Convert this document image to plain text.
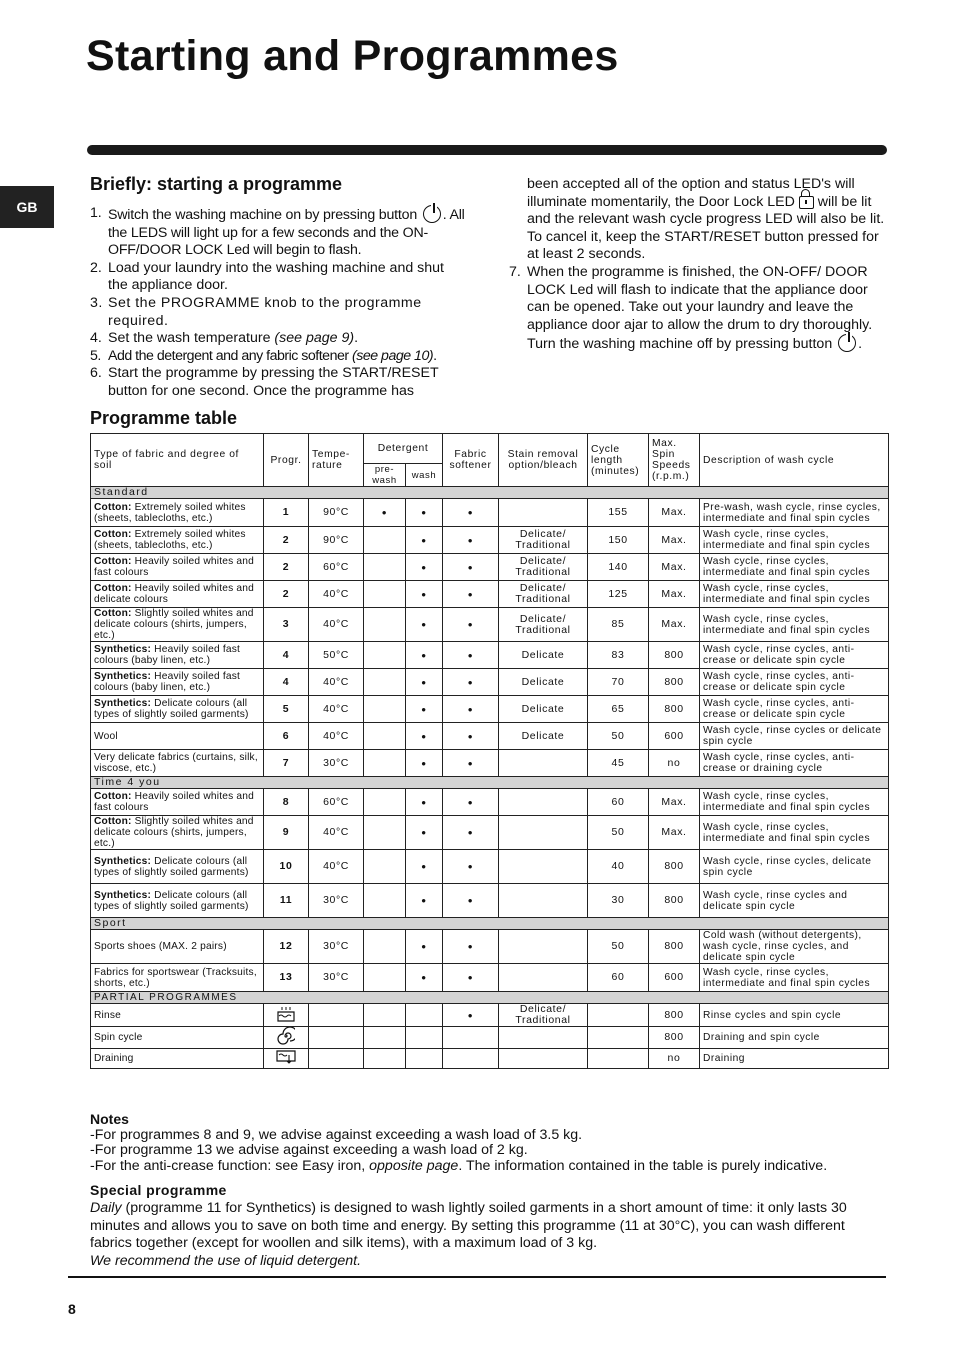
Starting and Programmes
GB
Briefly: starting a programme
1. Switch the washing machine on by pressing button . All the LEDS will light up for a few seconds and the ON-OFF/DOOR LOCK Led will begin to flash.
2. Load your laundry into the washing machine and shut the appliance door.
3. Set the PROGRAMME knob to the programme required.
4. Set the wash temperature (see page 9).
5. Add the detergent and any fabric softener (see page 10).
6. Start the programme by pressing the START/RESET button for one second. Once the programme has
been accepted all of the option and status LED's will illuminate momentarily, the Door Lock LED will be lit and the relevant wash cycle progress LED will also be lit.
To cancel it, keep the START/RESET button pressed for at least 2 seconds.
7. When the programme is finished, the ON-OFF/ DOOR LOCK Led will flash to indicate that the appliance door can be opened. Take out your laundry and leave the appliance door ajar to allow the drum to dry thoroughly. Turn the washing machine off by pressing button .
Programme table
Type of fabric and degree of soil	Progr.	Tempe-rature	Detergent		Fabric softener	Stain removal option/bleach	Cycle length (minutes)	Max. Spin Speeds (r.p.m.)	Description of wash cycle
			pre-wash	wash					
Standard									
Cotton: Extremely soiled whites (sheets, tablecloths, etc.)	1	90°C	•	•	•		155	Max.	Pre-wash, wash cycle, rinse cycles, intermediate and final spin cycles
Cotton: Extremely soiled whites (sheets, tablecloths, etc.)	2	90°C		•	•	Delicate/ Traditional	150	Max.	Wash cycle, rinse cycles, intermediate and final spin cycles
Cotton: Heavily soiled whites and fast colours	2	60°C		•	•	Delicate/ Traditional	140	Max.	Wash cycle, rinse cycles, intermediate and final spin cycles
Cotton: Heavily soiled whites and delicate colours	2	40°C		•	•	Delicate/ Traditional	125	Max.	Wash cycle, rinse cycles, intermediate and final spin cycles
Cotton: Slightly soiled whites and delicate colours (shirts, jumpers, etc.)	3	40°C		•	•	Delicate/ Traditional	85	Max.	Wash cycle, rinse cycles, intermediate and final spin cycles
Synthetics: Heavily soiled fast colours (baby linen, etc.)	4	50°C		•	•	Delicate	83	800	Wash cycle, rinse cycles, anti-crease or delicate spin cycle
Synthetics: Heavily soiled fast colours (baby linen, etc.)	4	40°C		•	•	Delicate	70	800	Wash cycle, rinse cycles, anti-crease or delicate spin cycle
Synthetics: Delicate colours (all types of slightly soiled garments)	5	40°C		•	•	Delicate	65	800	Wash cycle, rinse cycles, anti-crease or delicate spin cycle
Wool	6	40°C		•	•	Delicate	50	600	Wash cycle, rinse cycles or delicate spin cycle
Very delicate fabrics (curtains, silk, viscose, etc.)	7	30°C		•	•		45	no	Wash cycle, rinse cycles, anti-crease or draining cycle
Time 4 you									
Cotton: Heavily soiled whites and fast colours	8	60°C		•	•		60	Max.	Wash cycle, rinse cycles, intermediate and final spin cycles
Cotton: Slightly soiled whites and delicate colours (shirts, jumpers, etc.)	9	40°C		•	•		50	Max.	Wash cycle, rinse cycles, intermediate and final spin cycles
Synthetics: Delicate colours (all types of slightly soiled garments)	10	40°C		•	•		40	800	Wash cycle, rinse cycles, delicate spin cycle
Synthetics: Delicate colours (all types of slightly soiled garments)	11	30°C		•	•		30	800	Wash cycle, rinse cycles and delicate spin cycle
Sport									
Sports shoes (MAX. 2 pairs)	12	30°C		•	•		50	800	Cold wash (without detergents), wash cycle, rinse cycles, and delicate spin cycle
Fabrics for sportswear (Tracksuits, shorts, etc.)	13	30°C		•	•		60	600	Wash cycle, rinse cycles, intermediate and final spin cycles
PARTIAL PROGRAMMES									
Rinse					•	Delicate/ Traditional		800	Rinse cycles and spin cycle
Spin cycle								800	Draining and spin cycle
Draining								no	Draining
Notes
-For programmes 8 and 9, we advise against exceeding a wash load of 3.5 kg.
-For programme 13 we advise against exceeding a wash load of 2 kg.
-For the anti-crease function: see Easy iron, opposite page. The information contained in the table is purely indicative.
Special programme
Daily (programme 11 for Synthetics) is designed to wash lightly soiled garments in a short amount of time: it only lasts 30 minutes and allows you to save on both time and energy. By setting this programme (11 at 30°C), you can wash different fabrics together (except for woollen and silk items), with a maximum load of 3 kg.
We recommend the use of liquid detergent.
8
